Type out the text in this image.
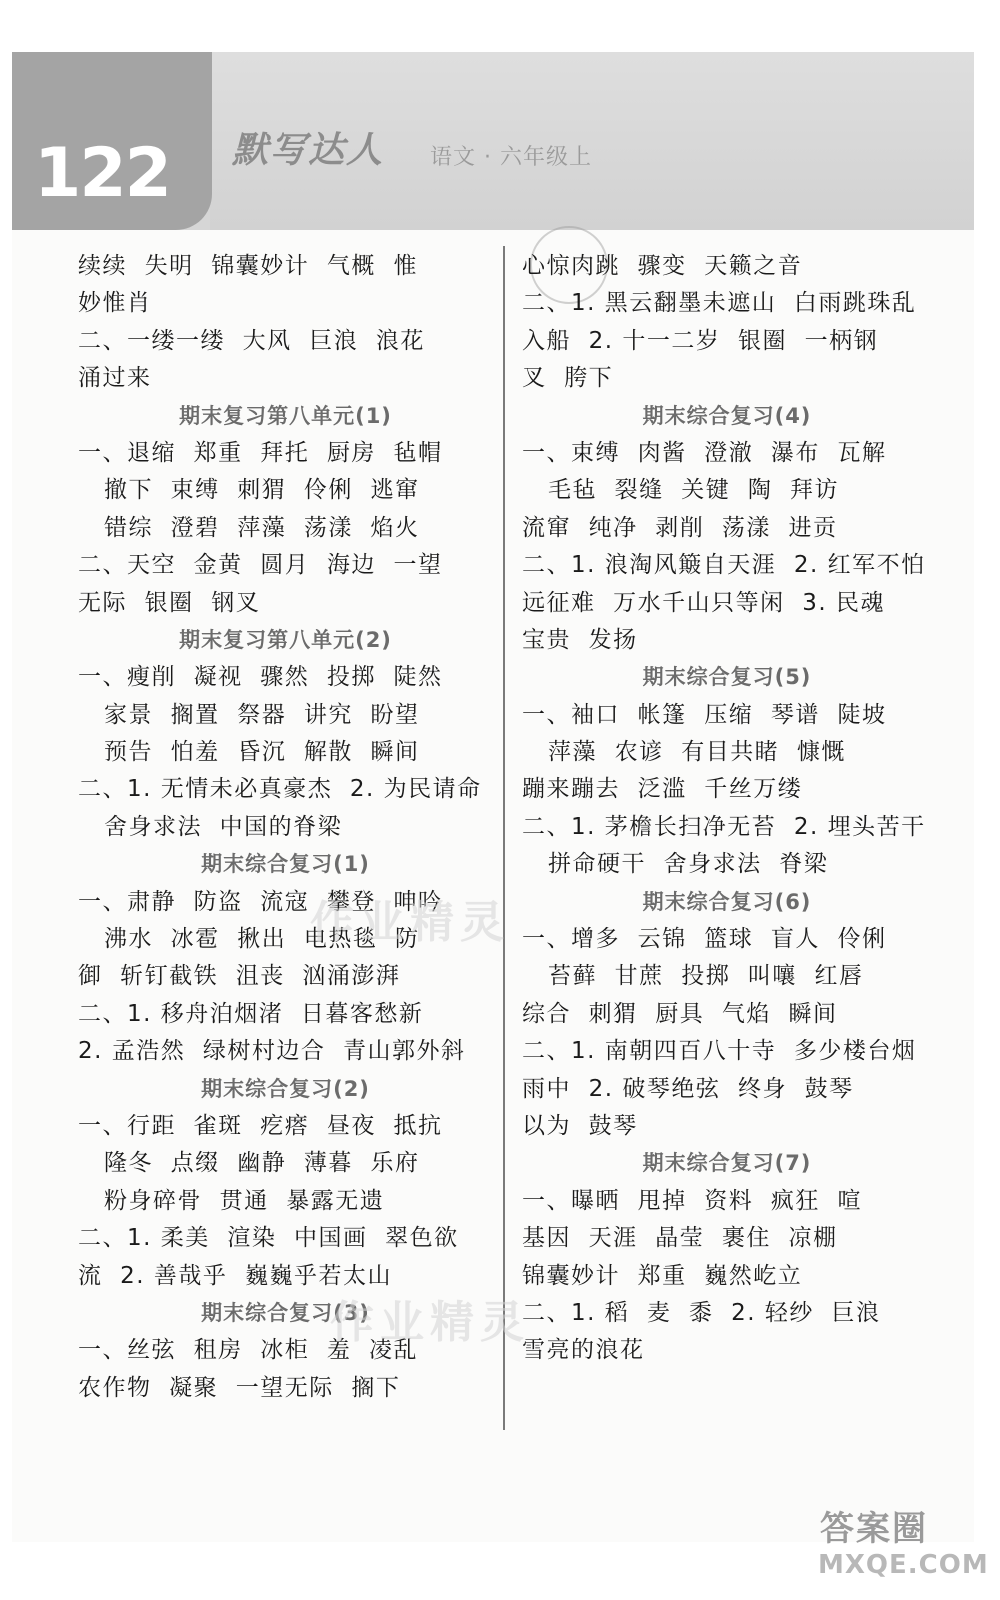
122 默写达人 语文 · 六年级上
续续  失明  锦囊妙计  气概  惟
妙惟肖
二、一缕一缕  大风  巨浪  浪花
涌过来
期末复习第八单元(1)
一、退缩  郑重  拜托  厨房  毡帽
撤下  束缚  刺猬  伶俐  逃窜
错综  澄碧  萍藻  荡漾  焰火
二、天空  金黄  圆月  海边  一望
无际  银圈  钢叉
期末复习第八单元(2)
一、瘦削  凝视  骤然  投掷  陡然
家景  搁置  祭器  讲究  盼望
预告  怕羞  昏沉  解散  瞬间
二、1. 无情未必真豪杰  2. 为民请命
舍身求法  中国的脊梁
期末综合复习(1)
一、肃静  防盗  流寇  攀登  呻吟
沸水  冰雹  揪出  电热毯  防
御  斩钉截铁  沮丧  汹涌澎湃
二、1. 移舟泊烟渚  日暮客愁新
2. 孟浩然  绿树村边合  青山郭外斜
期末综合复习(2)
一、行距  雀斑  疙瘩  昼夜  抵抗
隆冬  点缀  幽静  薄暮  乐府
粉身碎骨  贯通  暴露无遗
二、1. 柔美  渲染  中国画  翠色欲
流  2. 善哉乎  巍巍乎若太山
期末综合复习(3)
一、丝弦  租房  冰柜  羞  凌乱
农作物  凝聚  一望无际  搁下
心惊肉跳  骤变  天籁之音
二、1. 黑云翻墨未遮山  白雨跳珠乱
入船  2. 十一二岁  银圈  一柄钢
叉  胯下
期末综合复习(4)
一、束缚  肉酱  澄澈  瀑布  瓦解
毛毡  裂缝  关键  陶  拜访
流窜  纯净  剥削  荡漾  进贡
二、1. 浪淘风簸自天涯  2. 红军不怕
远征难  万水千山只等闲  3. 民魂
宝贵  发扬
期末综合复习(5)
一、袖口  帐篷  压缩  琴谱  陡坡
萍藻  农谚  有目共睹  慷慨
蹦来蹦去  泛滥  千丝万缕
二、1. 茅檐长扫净无苔  2. 埋头苦干
拼命硬干  舍身求法  脊梁
期末综合复习(6)
一、增多  云锦  篮球  盲人  伶俐
苔藓  甘蔗  投掷  叫嚷  红唇
综合  刺猬  厨具  气焰  瞬间
二、1. 南朝四百八十寺  多少楼台烟
雨中  2. 破琴绝弦  终身  鼓琴
以为  鼓琴
期末综合复习(7)
一、曝晒  甩掉  资料  疯狂  喧
基因  天涯  晶莹  裹住  凉棚
锦囊妙计  郑重  巍然屹立
二、1. 稻  麦  黍  2. 轻纱  巨浪
雪亮的浪花
作业精灵
作业精灵
答案圈
MXQE.COM
